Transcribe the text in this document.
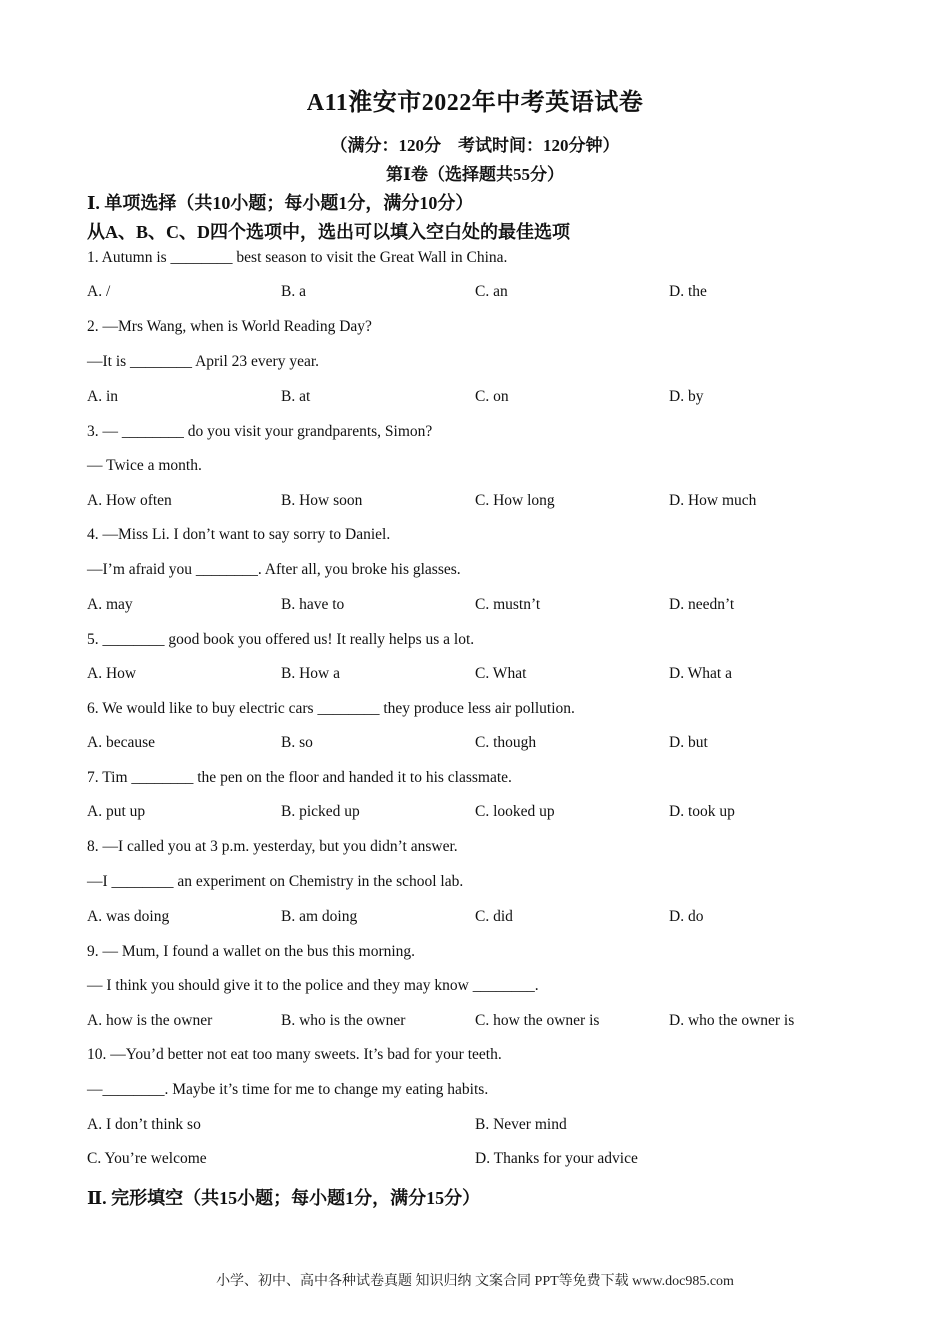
A11淮安市2022年中考英语试卷
（满分：120分　考试时间：120分钟）
第Ⅰ卷（选择题共55分）
Ⅰ. 单项选择（共10小题；每小题1分，满分10分）
从A、B、C、D四个选项中，选出可以填入空白处的最佳选项
1. Autumn is ________ best season to visit the Great Wall in China.
A. /	B. a	C. an	D. the
2. —Mrs Wang, when is World Reading Day?
—It is ________ April 23 every year.
A. in	B. at	C. on	D. by
3. — ________ do you visit your grandparents, Simon?
— Twice a month.
A. How often	B. How soon	C. How long	D. How much
4. —Miss Li. I don’t want to say sorry to Daniel.
—I’m afraid you ________. After all, you broke his glasses.
A. may	B. have to	C. mustn’t	D. needn’t
5. ________ good book you offered us! It really helps us a lot.
A. How	B. How a	C. What	D. What a
6. We would like to buy electric cars ________ they produce less air pollution.
A. because	B. so	C. though	D. but
7. Tim ________ the pen on the floor and handed it to his classmate.
A. put up	B. picked up	C. looked up	D. took up
8. —I called you at 3 p.m. yesterday, but you didn’t answer.
—I ________ an experiment on Chemistry in the school lab.
A. was doing	B. am doing	C. did	D. do
9. — Mum, I found a wallet on the bus this morning.
— I think you should give it to the police and they may know ________.
A. how is the owner	B. who is the owner	C. how the owner is	D. who the owner is
10. —You’d better not eat too many sweets. It’s bad for your teeth.
—________. Maybe it’s time for me to change my eating habits.
A. I don’t think so	B. Never mind
C. You’re welcome	D. Thanks for your advice
Ⅱ. 完形填空（共15小题；每小题1分，满分15分）
小学、初中、高中各种试卷真题 知识归纳 文案合同 PPT等免费下载 www.doc985.com
